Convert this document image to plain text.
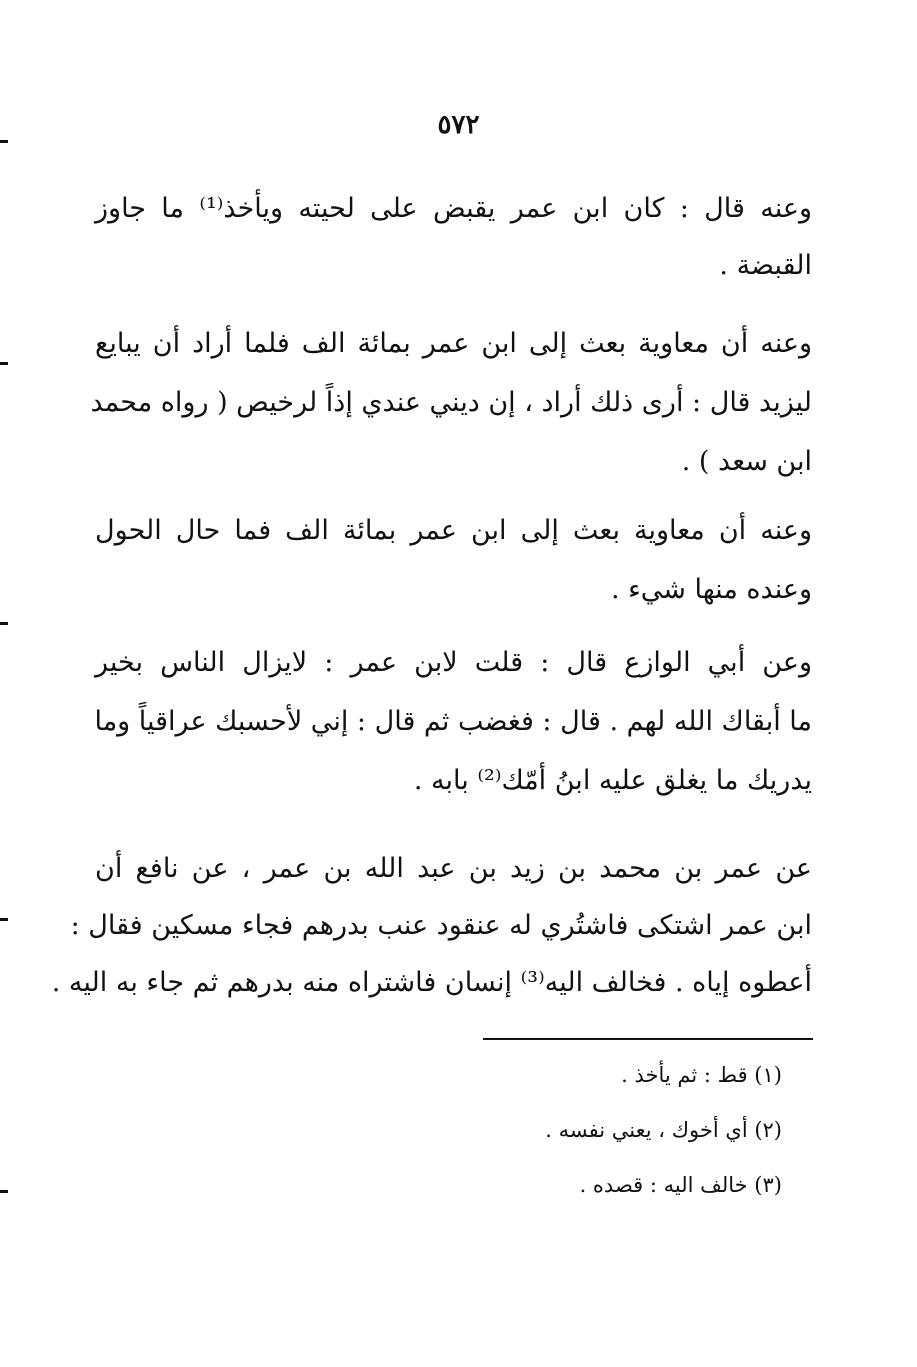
٥٧٢
وعنه قال : كان ابن عمر يقبض على لحيته ويأخذ⁽¹⁾ ما جاوز
القبضة .
وعنه أن معاوية بعث إلى ابن عمر بمائة الف فلما أراد أن يبايع
ليزيد قال : أرى ذلك أراد ، إن ديني عندي إذاً لرخيص ( رواه محمد
ابن سعد ) .
وعنه أن معاوية بعث إلى ابن عمر بمائة الف فما حال الحول
وعنده منها شيء .
وعن أبي الوازع قال : قلت لابن عمر : لايزال الناس بخير
ما أبقاك الله لهم . قال : فغضب ثم قال : إني لأحسبك عراقياً وما
يدريك ما يغلق عليه ابنُ أمّك⁽²⁾ بابه .
عن عمر بن محمد بن زيد بن عبد الله بن عمر ، عن نافع أن
ابن عمر اشتكى فاشتُري له عنقود عنب بدرهم فجاء مسكين فقال :
أعطوه إياه . فخالف اليه⁽³⁾ إنسان فاشتراه منه بدرهم ثم جاء به اليه .
(١) قط : ثم يأخذ .
(٢) أي أخوك ، يعني نفسه .
(٣) خالف اليه : قصده .
